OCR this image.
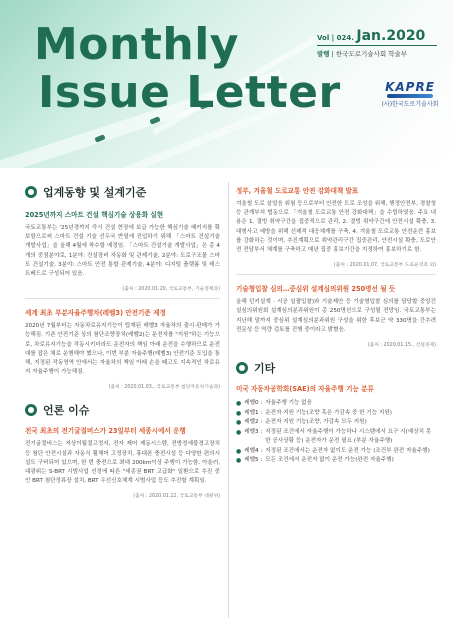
Monthly
Issue Letter
Vol | 024. Jan.2020
발행 | 한국도로기술사회 학술부
KAPRE
(사)한국도로기술사회
업계동향 및 설계기준
2025년까지 스마트 건설 핵심기술 상용화 실현
국토교통부는 '25년경까지 즉시 건설 현장에 보급 가능한 핵심기술 패키지를 확보함으로써 스마트 건설 기술 선두국 반열에 진입하기 위해 「스마트 건설기술 개발사업」을 올해 4월에 착수할 예정임. 「스마트 건설기술 개발사업」은 총 4개의 중점분야로, 1분야: 건설장비 자동화 및 관제기술, 2분야: 도로구조물 스마트 건설기술, 3분야: 스마트 안전 통합 관제기술, 4분야: 디지털 플랫폼 및 테스트베드로 구성되어 있음.
(출처 : 2020.01.20, 국토교통부, 기술정책과)
세계 최초 부분자율주행차(레벨3) 안전기준 제정
2020년 7월부터는 자동차로유지기능이 탑재된 레벨3 자율차의 출시·판매가 가능해짐. 기존 안전기준 상의 첨단조향장치(레벨2)는 운전자를 "지원"하는 기능으로, 차로유지기능을 작동시키더라도 운전자의 책임 아래 운전을 수행하므로 운전대를 잡은 채로 운행해야 했으나, 이번 부분 자율주행(레벨3) 안전기준 도입을 통해, 지정된 작동영역 안에서는 자율차의 책임 아래 손을 떼고도 지속적인 차로유지 자율주행이 가능해짐.
(출처 : 2020.01.03., 국토교통부 첨단자동차기술과)
언론 이슈
전국 최초의 전기굴절버스가 23일부터 세종시에서 운행
전기굴절버스는 저상이월결고정지, 전자 제어 제동시스템, 전방정예불경고장치 등 첨단 안전시설과 자동식 휠체어 고정장치, 휴대폰 충전시설 등 다양한 편의시설도 구비되어 있으며, 한 번 충전으로 최대 200km이상 주행이 가능함. 아울러, 대광위는 S-BRT 시범사업 선정에 따른 "세종권 BRT 고급화" 일환으로 추진 중인 BRT 첨단정류장 설치, BRT 우선신호체계 시범사업 등도 추진할 계획임.
(출처 : 2020.01.22, 국토교통부 대광위)
정부, 겨울철 도로교통 안전 강화대책 발표
겨울철 도로 살얼음 위험 등으로부터 안전한 도로 조성을 위해, 행정안전부, 경찰청 등 관계부처 협동으로 「겨울철 도로교통 안전 강화대책」을 수립하였음. 주요 내용은 1. 결빙 취약구간을 집중적으로 관리, 2. 결빙 취약구간에 안전시설 확충, 3. 대형사고 예방을 위해 선제적 대응체계를 구축, 4. 겨울철 도로교통 안전운전 홍보를 강화하는 것이며, 추진계획으로 취약관리구간 집중관리, 안전시설 확충, 도로안전 전담부서 체계를 구축하고 매년 집중 홍보기간을 지정하여 홍보하기로 함.
(출처 : 2020.01.07, 국토교통부 도로운영과 외)
기술형입찰 심의…중심위 설계심의위원 250명선 될 듯
올해 턴키설계 · 시공 일괄입찰)와 기술제안 등 기술형입찰 심의를 담당할 중앙건설심의위원회 설계심의분과위원이 총 250명선으로 구성될 전망임. 국토교통부는 지난해 말까지 중심위 설계심의분과위원 구성을 위한 후보군 약 330명을 간추려 전문성 등 역량 검토를 진행 중이라고 밝혔음.
(출처 : 2020.01.15., 건설경제)
기타
미국 자동차공학회(SAE)의 자율주행 기능 분류
● 레벨0 : 자율주행 기능 없음
● 레벨1 : 운전자 지원 기능(조향 혹은 가감속 중 한 기능 지원)
● 레벨2 : 운전자 지원 기능(조향, 가감속 모두 지원)
● 레벨3 : 지정된 조건에서 자율주행이 가능하나 시스템에서 요구 시(예상치 못한 공사상황 등) 운전자가 운전 필요 (부분 자율주행)
● 레벨4 : 지정된 조건에서는 운전자 없이도 운전 가능 (조건부 완전 자율주행)
● 레벨5 : 모든 조건에서 운전자 없이 운전 가능(완전 자율주행)
